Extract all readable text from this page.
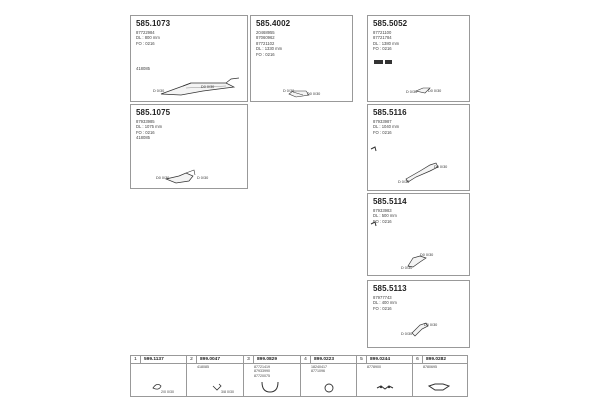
585.1073
87722984
DL : 800 mm
FO : 0216
418085
D 0/30
D0 0/30
585.4002
20468955
87060962
87721102
DL : 1330 mm
FO : 0216
D 0/30
D0 0/30
585.5052
87721100
87721784
DL : 1380 mm
FO : 0216
D 0/30	D0 0/30
585.1075
87933985
DL : 1075 mm
FO : 0216
418085
D0 0/30	D 0/30
585.5116
87933987
DL : 1040 mm
FO : 0216
D 0/30
D0 0/30
585.5114
87933983
DL : 500 mm
FO : 0216
D 0/30
D0 0/30
585.5113
87977743
DL : 400 mm
FO : 0216
D 0/30
D0 0/30
1 599.1137
2/0 0/30
2 899.0047
418085
3/8 0/30
3 899.0829
87721419
87933990
87720075
4 899.0223
18240417
8771096
5 899.0244
8778900
6 899.0282
8780695
